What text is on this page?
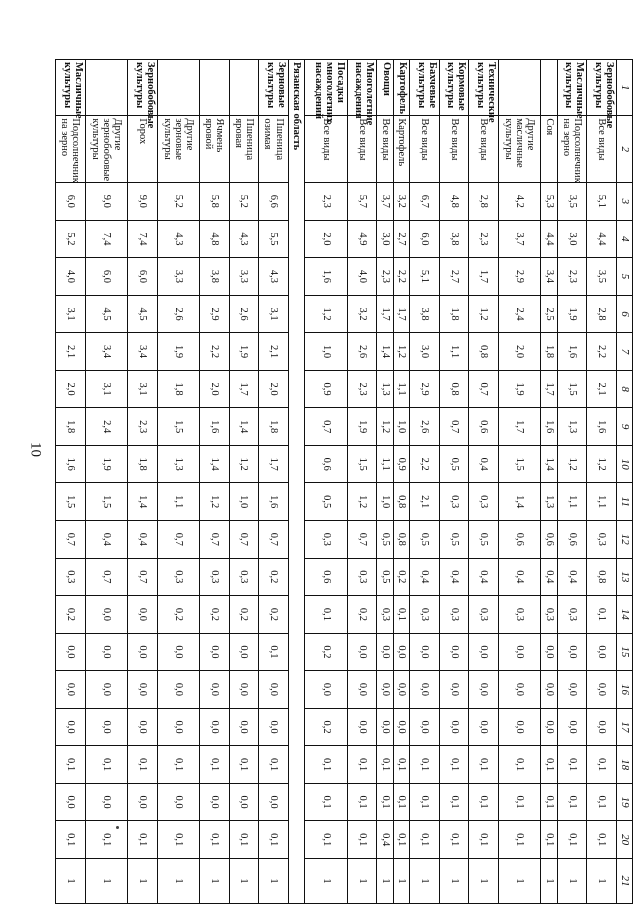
10
1	2	3	4	5	6	7	8	9	10	11	12	13	14	15	16	17	18	19	20	21
Зернобобовые культуры	Все виды	5,1	4,4	3,5	2,8	2,2	2,1	1,6	1,2	1,1	0,3	0,8	0,1	0,0	0,0	0,0	0,1	0,1	0,1	1
Масличные культуры	Подсолнечник на зерно	3,5	3,0	2,3	1,9	1,6	1,5	1,3	1,2	1,1	0,6	0,4	0,3	0,0	0,0	0,0	0,1	0,1	0,1	1
	Соя	5,3	4,4	3,4	2,5	1,8	1,7	1,6	1,4	1,3	0,6	0,4	0,3	0,0	0,0	0,0	0,1	0,1	0,1	1
	Другие масличные культуры	4,2	3,7	2,9	2,4	2,0	1,9	1,7	1,5	1,4	0,6	0,4	0,3	0,0	0,0	0,0	0,1	0,1	0,1	1
Технические культуры	Все виды	2,8	2,3	1,7	1,2	0,8	0,7	0,6	0,4	0,3	0,5	0,4	0,3	0,0	0,0	0,0	0,1	0,1	0,1	1
Кормовые культуры	Все виды	4,8	3,8	2,7	1,8	1,1	0,8	0,7	0,5	0,3	0,5	0,4	0,3	0,0	0,0	0,0	0,1	0,1	0,1	1
Бахчевые культуры	Все виды	6,7	6,0	5,1	3,8	3,0	2,9	2,6	2,2	2,1	0,5	0,4	0,3	0,0	0,0	0,0	0,1	0,1	0,1	1
Картофель	Картофель	3,2	2,7	2,2	1,7	1,2	1,1	1,0	0,9	0,8	0,8	0,2	0,1	0,0	0,0	0,0	0,1	0,1	0,1	1
Овощи	Все виды	3,7	3,0	2,3	1,7	1,4	1,3	1,2	1,1	1,0	0,5	0,5	0,3	0,0	0,0	0,0	0,1	0,1	0,4	1
Многолетние насаждения	Все виды	5,7	4,9	4,0	3,2	2,6	2,3	1,9	1,5	1,2	0,7	0,3	0,2	0,0	0,0	0,0	0,1	0,1	0,1	1
Посадки многолетних насаждений	Все виды	2,3	2,0	1,6	1,2	1,0	0,9	0,7	0,6	0,5	0,3	0,6	0,1	0,2	0,0	0,2	0,1	0,1	0,1	1
Рязанская область																				
Зерновые культуры	Пшеница озимая	6,6	5,5	4,3	3,1	2,1	2,0	1,8	1,7	1,6	0,7	0,2	0,2	0,1	0,0	0,0	0,1	0,0	0,1	1
	Пшеница яровая	5,2	4,3	3,3	2,6	1,9	1,7	1,4	1,2	1,0	0,7	0,3	0,2	0,0	0,0	0,0	0,1	0,0	0,1	1
	Ячмень яровой	5,8	4,8	3,8	2,9	2,2	2,0	1,6	1,4	1,2	0,7	0,3	0,2	0,0	0,0	0,0	0,1	0,0	0,1	1
	Другие зерновые культуры	5,2	4,3	3,3	2,6	1,9	1,8	1,5	1,3	1,1	0,7	0,3	0,2	0,0	0,0	0,0	0,1	0,0	0,1	1
Зернобобовые культуры	Горох	9,0	7,4	6,0	4,5	3,4	3,1	2,3	1,8	1,4	0,4	0,7	0,0	0,0	0,0	0,0	0,1	0,0	0,1	1
	Другие зернобобовые культуры	9,0	7,4	6,0	4,5	3,4	3,1	2,4	1,9	1,5	0,4	0,7	0,0	0,0	0,0	0,0	0,1	0,0	0,1	1
Масличные культуры	Подсолнечник на зерно	6,0	5,2	4,0	3,1	2,1	2,0	1,8	1,6	1,5	0,7	0,3	0,2	0,0	0,0	0,0	0,1	0,0	0,1	1
